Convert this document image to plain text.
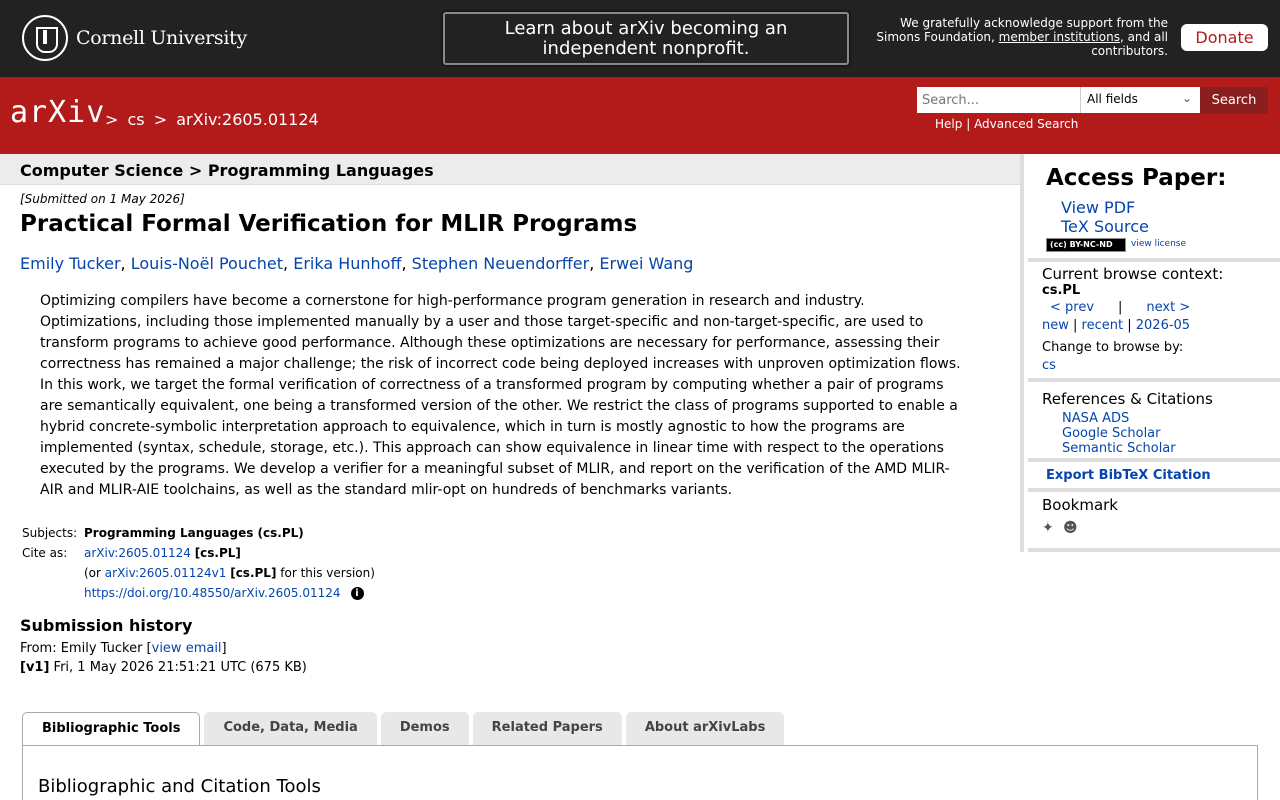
Cornell University	Learn about arXiv becoming an independent nonprofit.
We gratefully acknowledge support from the Simons Foundation, member institutions, and all contributors.
Donate
arXiv > cs > arXiv:2605.01124
Search...
All fields	⌄	Search
Help | Advanced Search
Computer Science > Programming Languages
[Submitted on 1 May 2026]
Practical Formal Verification for MLIR Programs
Emily Tucker, Louis-Noël Pouchet, Erika Hunhoff, Stephen Neuendorffer, Erwei Wang

Optimizing compilers have become a cornerstone for high-performance program generation in research and industry. Optimizations, including those implemented manually by a user and those target-specific and non-target-specific, are used to transform programs to achieve good performance. Although these optimizations are necessary for performance, assessing their correctness has remained a major challenge; the risk of incorrect code being deployed increases with unproven optimization flows.

In this work, we target the formal verification of correctness of a transformed program by computing whether a pair of programs are semantically equivalent, one being a transformed version of the other. We restrict the class of programs supported to enable a hybrid concrete-symbolic interpretation approach to equivalence, which in turn is mostly agnostic to how the programs are implemented (syntax, schedule, storage, etc.). This approach can show equivalence in linear time with respect to the operations executed by the programs. We develop a verifier for a meaningful subset of MLIR, and report on the verification of the AMD MLIR-AIR and MLIR-AIE toolchains, as well as the standard mlir-opt on hundreds of benchmarks variants.

Subjects: Programming Languages (cs.PL)
Cite as:	arXiv:2605.01124 [cs.PL]
(or arXiv:2605.01124v1 [cs.PL] for this version)
https://doi.org/10.48550/arXiv.2605.01124 i
Submission history
From: Emily Tucker [view email]
[v1] Fri, 1 May 2026 21:51:21 UTC (675 KB)
Bibliographic Tools	Code, Data, Media	Demos	Related Papers	About arXivLabs
Bibliographic and Citation Tools
Access Paper:
View PDF
TeX Source
(cc) BY-NC-ND	view license
Current browse context:
cs.PL
< prev | next >
new | recent | 2026-05
Change to browse by:
cs
References & Citations
NASA ADS
Google Scholar
Semantic Scholar
Export BibTeX Citation
Bookmark
✦ ☻
